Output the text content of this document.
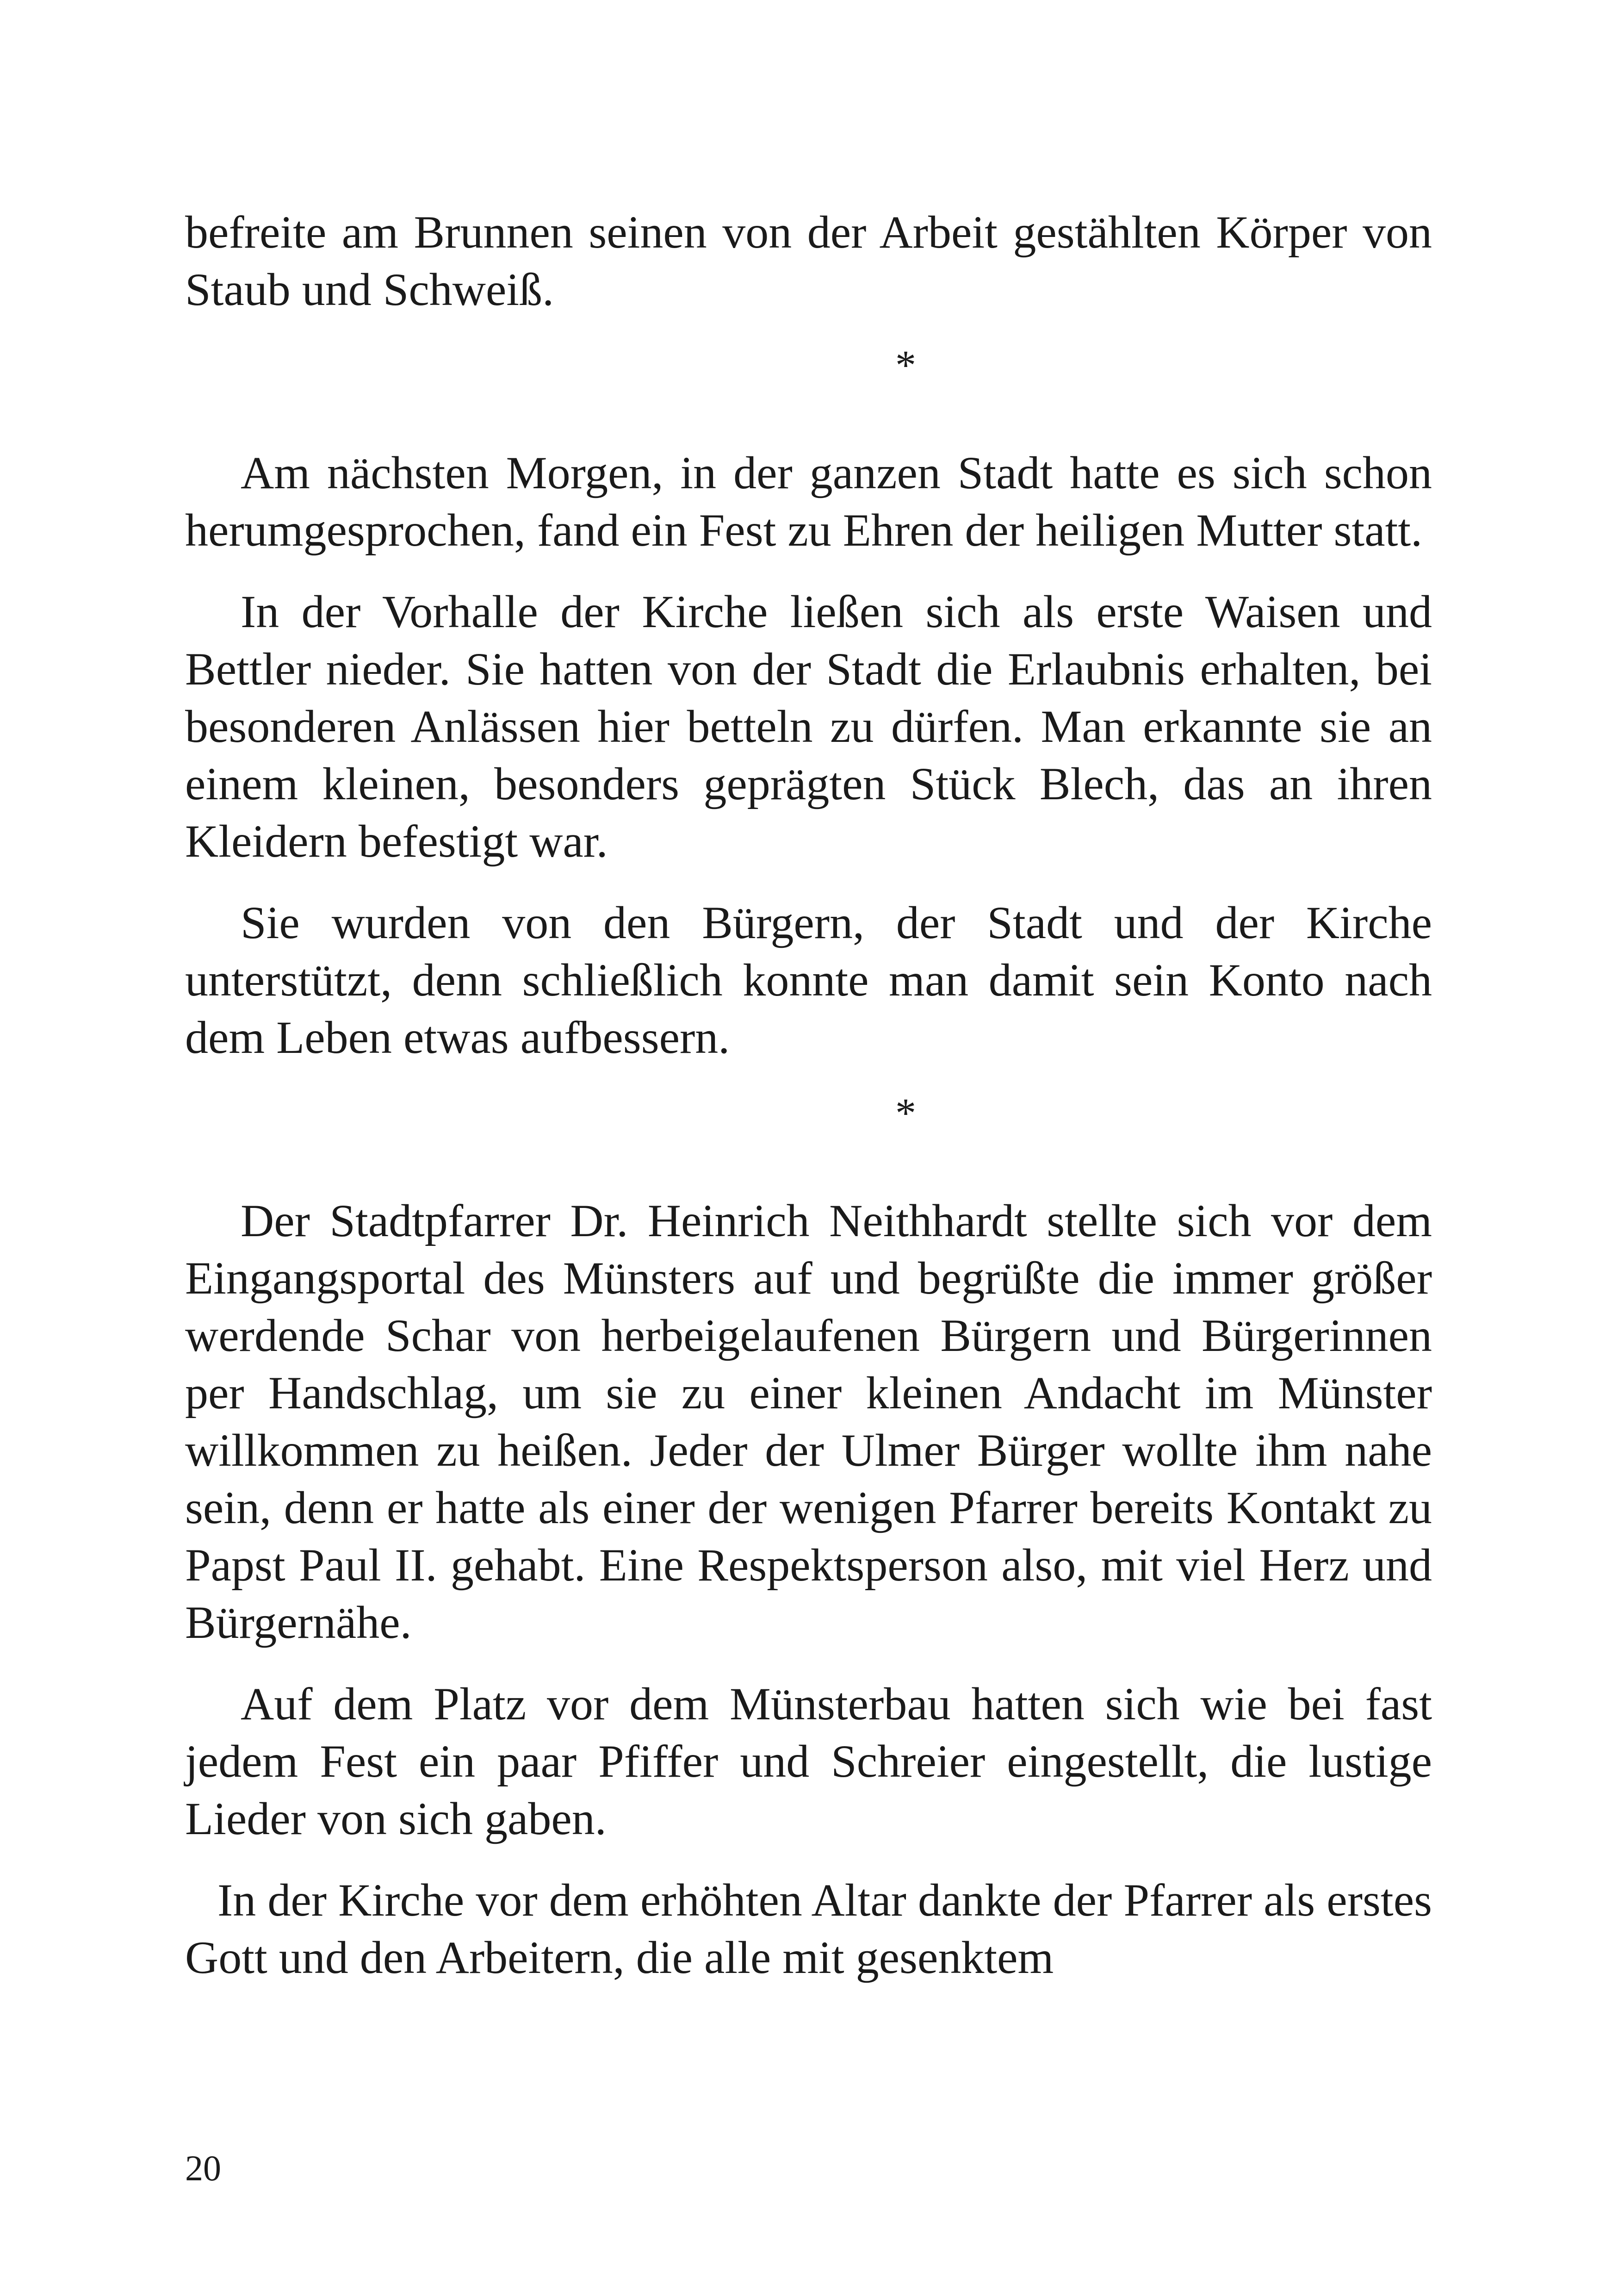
befreite am Brunnen seinen von der Arbeit gestählten Körper von Staub und Schweiß.

*

Am nächsten Morgen, in der ganzen Stadt hatte es sich schon herumgesprochen, fand ein Fest zu Ehren der heiligen Mutter statt.

In der Vorhalle der Kirche ließen sich als erste Waisen und Bettler nieder. Sie hatten von der Stadt die Erlaubnis erhalten, bei besonderen Anlässen hier betteln zu dürfen. Man erkannte sie an einem kleinen, besonders geprägten Stück Blech, das an ihren Kleidern befestigt war.

Sie wurden von den Bürgern, der Stadt und der Kirche unterstützt, denn schließlich konnte man damit sein Konto nach dem Leben etwas aufbessern.

*

Der Stadtpfarrer Dr. Heinrich Neithhardt stellte sich vor dem Eingangsportal des Münsters auf und begrüßte die immer größer werdende Schar von herbeigelaufenen Bürgern und Bürgerinnen per Handschlag, um sie zu einer kleinen Andacht im Münster willkommen zu heißen. Jeder der Ulmer Bürger wollte ihm nahe sein, denn er hatte als einer der wenigen Pfarrer bereits Kontakt zu Papst Paul II. gehabt. Eine Respektsperson also, mit viel Herz und Bürgernähe.

Auf dem Platz vor dem Münsterbau hatten sich wie bei fast jedem Fest ein paar Pfiffer und Schreier eingestellt, die lustige Lieder von sich gaben.

In der Kirche vor dem erhöhten Altar dankte der Pfarrer als erstes Gott und den Arbeitern, die alle mit gesenktem

20
